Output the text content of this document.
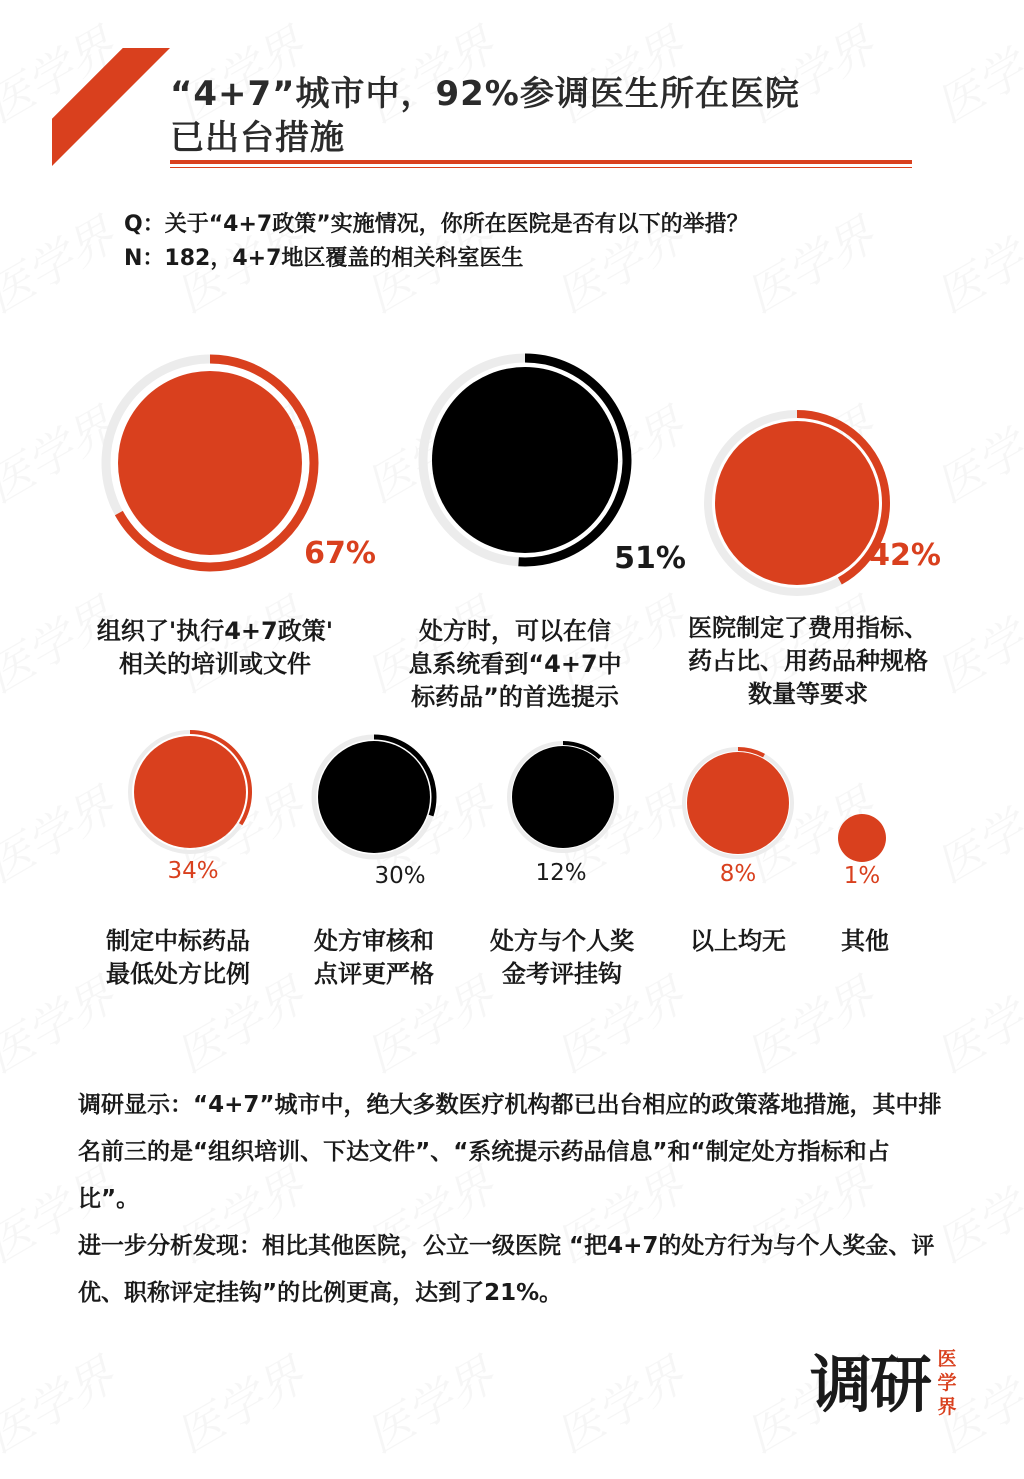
“4+7”城市中，92%参调医生所在医院
已出台措施
Q：关于“4+7政策”实施情况，你所在医院是否有以下的举措？
N：182，4+7地区覆盖的相关科室医生
67%	51%	42%
34%	30%	12%	8%	1%
组织了'执行4+7政策'
相关的培训或文件
处方时，可以在信
息系统看到“4+7中
标药品”的首选提示
医院制定了费用指标、
药占比、用药品种规格
数量等要求
制定中标药品
最低处方比例
处方审核和
点评更严格
处方与个人奖
金考评挂钩
以上均无	其他

调研显示：“4+7”城市中，绝大多数医疗机构都已出台相应的政策落地措施，其中排名前三的是“组织培训、下达文件”、“系统提示药品信息”和“制定处方指标和占比”。

进一步分析发现：相比其他医院，公立一级医院 “把4+7的处方行为与个人奖金、评优、职称评定挂钩”的比例更高，达到了21%。

调研 医
学
界
